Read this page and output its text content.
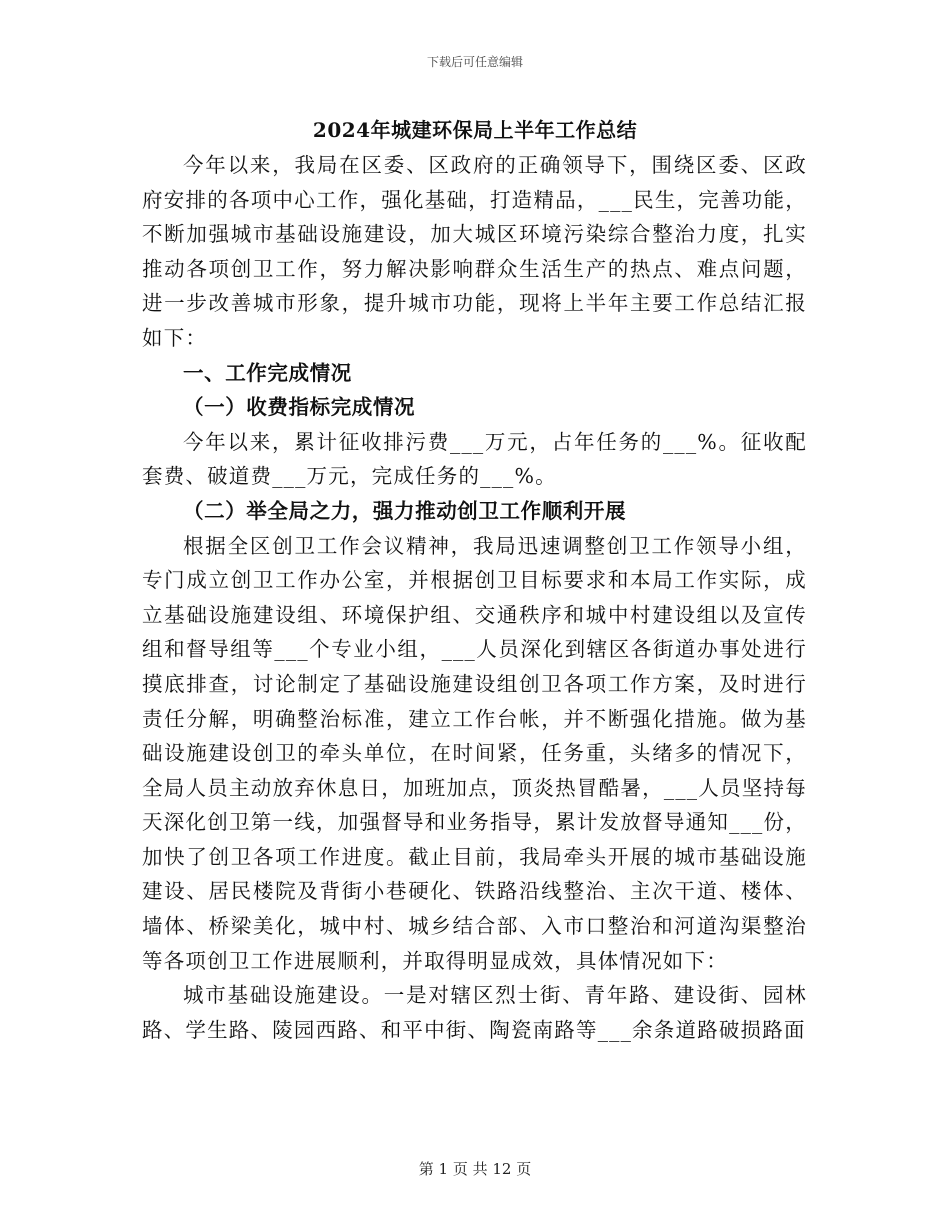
下载后可任意编辑
2024年城建环保局上半年工作总结

今年以来，我局在区委、区政府的正确领导下，围绕区委、区政府安排的各项中心工作，强化基础，打造精品，___民生，完善功能，不断加强城市基础设施建设，加大城区环境污染综合整治力度，扎实推动各项创卫工作，努力解决影响群众生活生产的热点、难点问题，进一步改善城市形象，提升城市功能，现将上半年主要工作总结汇报如下：

一、工作完成情况

（一）收费指标完成情况

今年以来，累计征收排污费___万元，占年任务的___%。征收配套费、破道费___万元，完成任务的___%。

（二）举全局之力，强力推动创卫工作顺利开展

根据全区创卫工作会议精神，我局迅速调整创卫工作领导小组，专门成立创卫工作办公室，并根据创卫目标要求和本局工作实际，成立基础设施建设组、环境保护组、交通秩序和城中村建设组以及宣传组和督导组等___个专业小组，___人员深化到辖区各街道办事处进行摸底排查，讨论制定了基础设施建设组创卫各项工作方案，及时进行责任分解，明确整治标准，建立工作台帐，并不断强化措施。做为基础设施建设创卫的牵头单位，在时间紧，任务重，头绪多的情况下，全局人员主动放弃休息日，加班加点，顶炎热冒酷暑，___人员坚持每天深化创卫第一线，加强督导和业务指导，累计发放督导通知___份，加快了创卫各项工作进度。截止目前，我局牵头开展的城市基础设施建设、居民楼院及背街小巷硬化、铁路沿线整治、主次干道、楼体、墙体、桥梁美化，城中村、城乡结合部、入市口整治和河道沟渠整治等各项创卫工作进展顺利，并取得明显成效，具体情况如下：

城市基础设施建设。一是对辖区烈士街、青年路、建设街、园林路、学生路、陵园西路、和平中街、陶瓷南路等___余条道路破损路面

第 1 页 共 12 页
